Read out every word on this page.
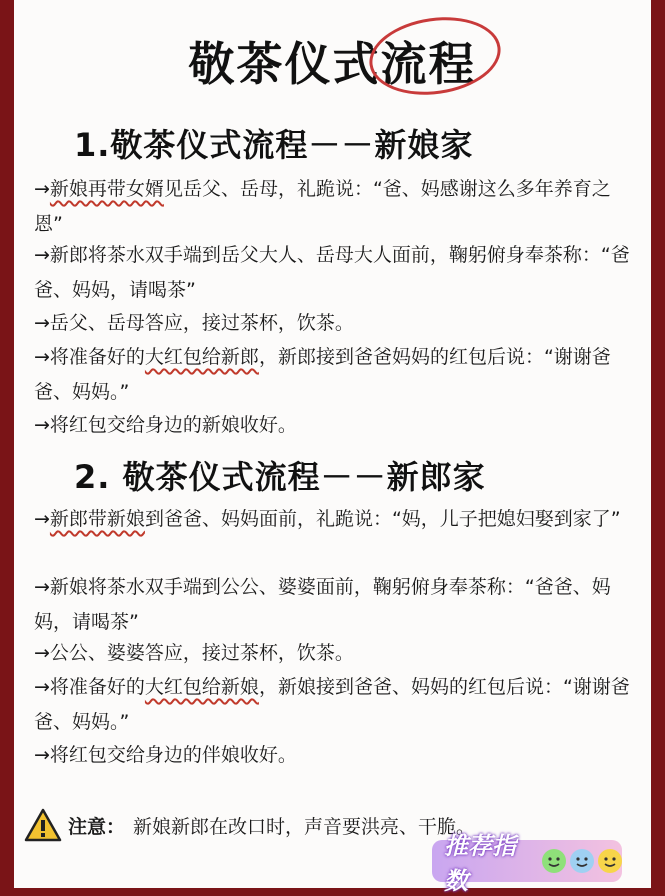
敬茶仪式
流程
1.敬茶仪式流程－－新娘家
→新娘再带女婿见岳父、岳母，礼跪说：“爸、妈感谢这么多年养育之恩”
→新郎将茶水双手端到岳父大人、岳母大人面前，鞠躬俯身奉茶称：“爸爸、妈妈，请喝茶”
→岳父、岳母答应，接过茶杯，饮茶。
→将准备好的大红包给新郎，新郎接到爸爸妈妈的红包后说：“谢谢爸爸、妈妈。”
→将红包交给身边的新娘收好。
2. 敬茶仪式流程－－新郎家
→新郎带新娘到爸爸、妈妈面前，礼跪说：“妈，儿子把媳妇娶到家了”
→新娘将茶水双手端到公公、婆婆面前，鞠躬俯身奉茶称：“爸爸、妈妈，请喝茶”
→公公、婆婆答应，接过茶杯，饮茶。
→将准备好的大红包给新娘，新娘接到爸爸、妈妈的红包后说：“谢谢爸爸、妈妈。”
→将红包交给身边的伴娘收好。
注意： 新娘新郎在改口时，声音要洪亮、干脆。
推荐指数
